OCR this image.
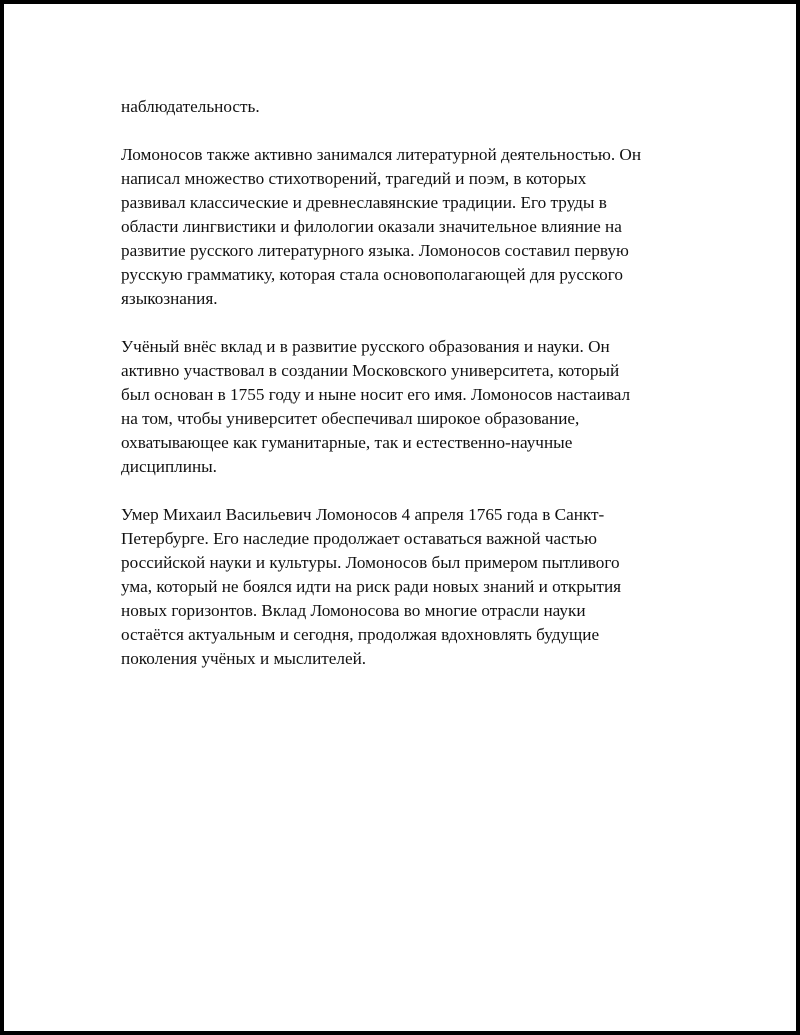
наблюдательность.

Ломоносов также активно занимался литературной деятельностью. Он
написал множество стихотворений, трагедий и поэм, в которых
развивал классические и древнеславянские традиции. Его труды в
области лингвистики и филологии оказали значительное влияние на
развитие русского литературного языка. Ломоносов составил первую
русскую грамматику, которая стала основополагающей для русского
языкознания.

Учёный внёс вклад и в развитие русского образования и науки. Он
активно участвовал в создании Московского университета, который
был основан в 1755 году и ныне носит его имя. Ломоносов настаивал
на том, чтобы университет обеспечивал широкое образование,
охватывающее как гуманитарные, так и естественно-научные
дисциплины.

Умер Михаил Васильевич Ломоносов 4 апреля 1765 года в Санкт-
Петербурге. Его наследие продолжает оставаться важной частью
российской науки и культуры. Ломоносов был примером пытливого
ума, который не боялся идти на риск ради новых знаний и открытия
новых горизонтов. Вклад Ломоносова во многие отрасли науки
остаётся актуальным и сегодня, продолжая вдохновлять будущие
поколения учёных и мыслителей.
